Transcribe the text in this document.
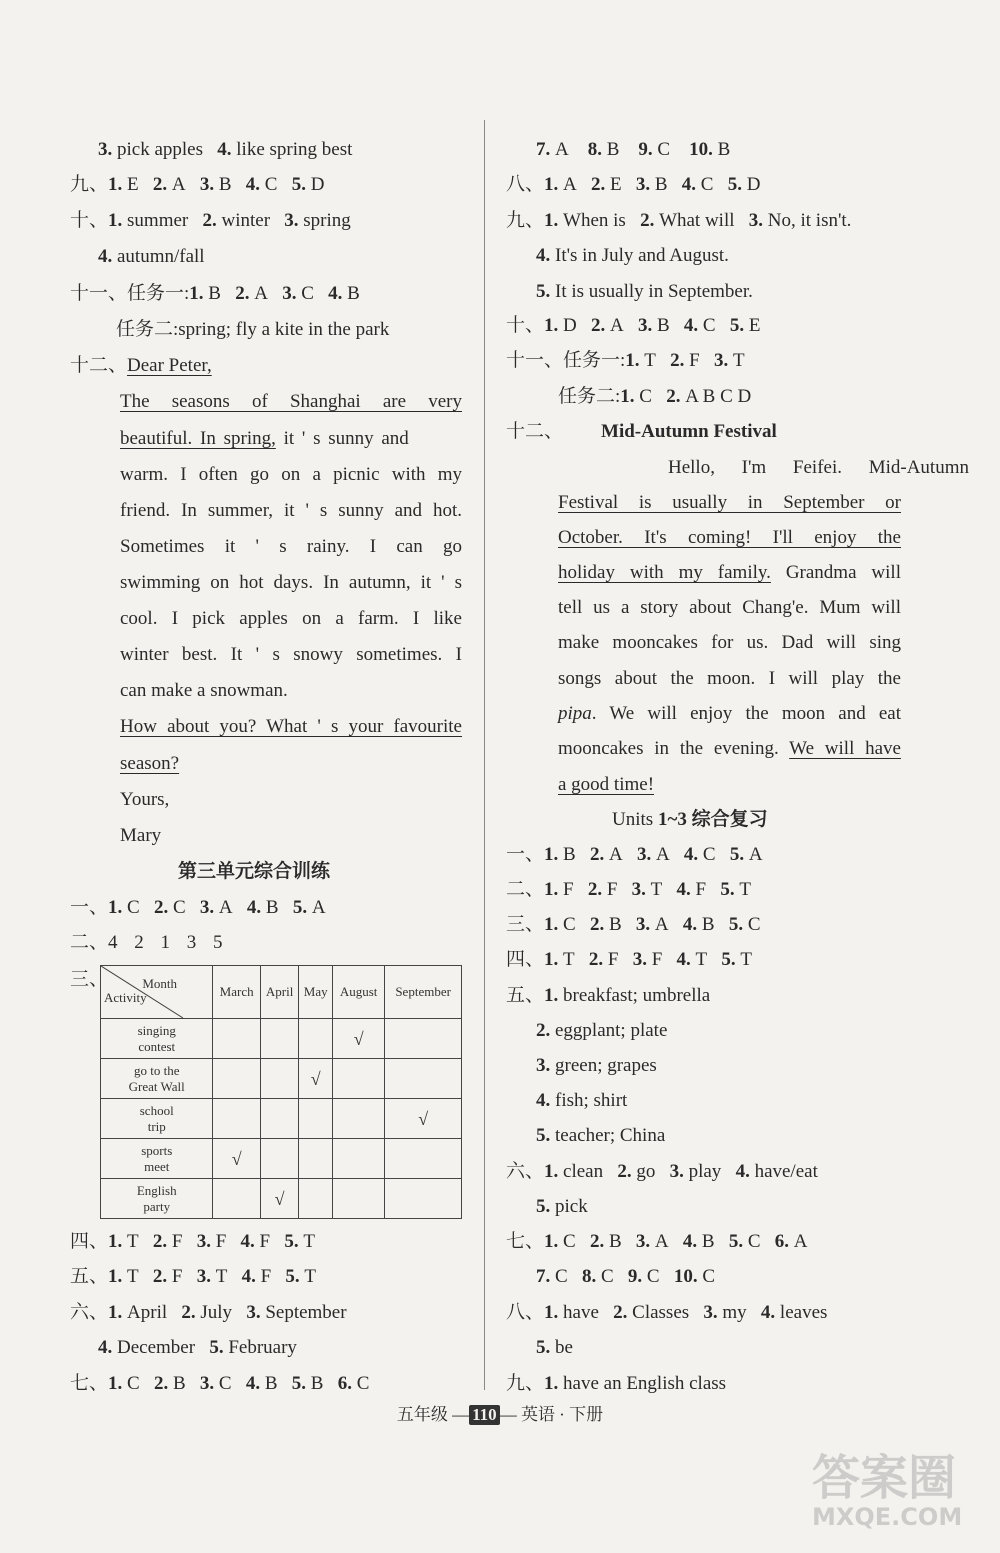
3. pick apples 4. like spring best
九、1. E 2. A 3. B 4. C 5. D
十、1. summer 2. winter 3. spring
4. autumn/fall
十一、任务一:1. B 2. A 3. C 4. B
任务二:spring; fly a kite in the park
十二、Dear Peter,
The seasons of Shanghai are very
beautiful. In spring, it ' s sunny and
warm. I often go on a picnic with my
friend. In summer, it ' s sunny and hot.
Sometimes it ' s rainy. I can go
swimming on hot days. In autumn, it ' s
cool. I pick apples on a farm. I like
winter best. It ' s snowy sometimes. I
can make a snowman.
How about you? What ' s your favourite
season?
Yours,
Mary
第三单元综合训练
一、1. C 2. C 3. A 4. B 5. A
二、4 2 1 3 5
三、
四、1. T 2. F 3. F 4. F 5. T
五、1. T 2. F 3. T 4. F 5. T
六、1. April 2. July 3. September
4. December 5. February
七、1. C 2. B 3. C 4. B 5. B 6. C
7. A 8. B 9. C 10. B
八、1. A 2. E 3. B 4. C 5. D
九、1. When is 2. What will 3. No, it isn't.
4. It's in July and August.
5. It is usually in September.
十、1. D 2. A 3. B 4. C 5. E
十一、任务一:1. T 2. F 3. T
任务二:1. C 2. A B C D
十二、 Mid-Autumn Festival
Hello, I'm Feifei. Mid-Autumn
Festival is usually in September or
October. It's coming! I'll enjoy the
holiday with my family. Grandma will
tell us a story about Chang'e. Mum will
make mooncakes for us. Dad will sing
songs about the moon. I will play the
pipa. We will enjoy the moon and eat
mooncakes in the evening. We will have
a good time!
Units 1~3 综合复习
一、1. B 2. A 3. A 4. C 5. A
二、1. F 2. F 3. T 4. F 5. T
三、1. C 2. B 3. A 4. B 5. C
四、1. T 2. F 3. F 4. T 5. T
五、1. breakfast; umbrella
2. eggplant; plate
3. green; grapes
4. fish; shirt
5. teacher; China
六、1. clean 2. go 3. play 4. have/eat
5. pick
七、1. C 2. B 3. A 4. B 5. C 6. A
7. C 8. C 9. C 10. C
八、1. have 2. Classes 3. my 4. leaves
5. be
九、1. have an English class
Month
Activity	March	April	May	August	September

singing
contest				√	

go to the
Great Wall			√		

school
trip					√

sports
meet	√				

English
party		√			
五年级 — 110 — 英语 · 下册
答案圈
MXQE.COM
